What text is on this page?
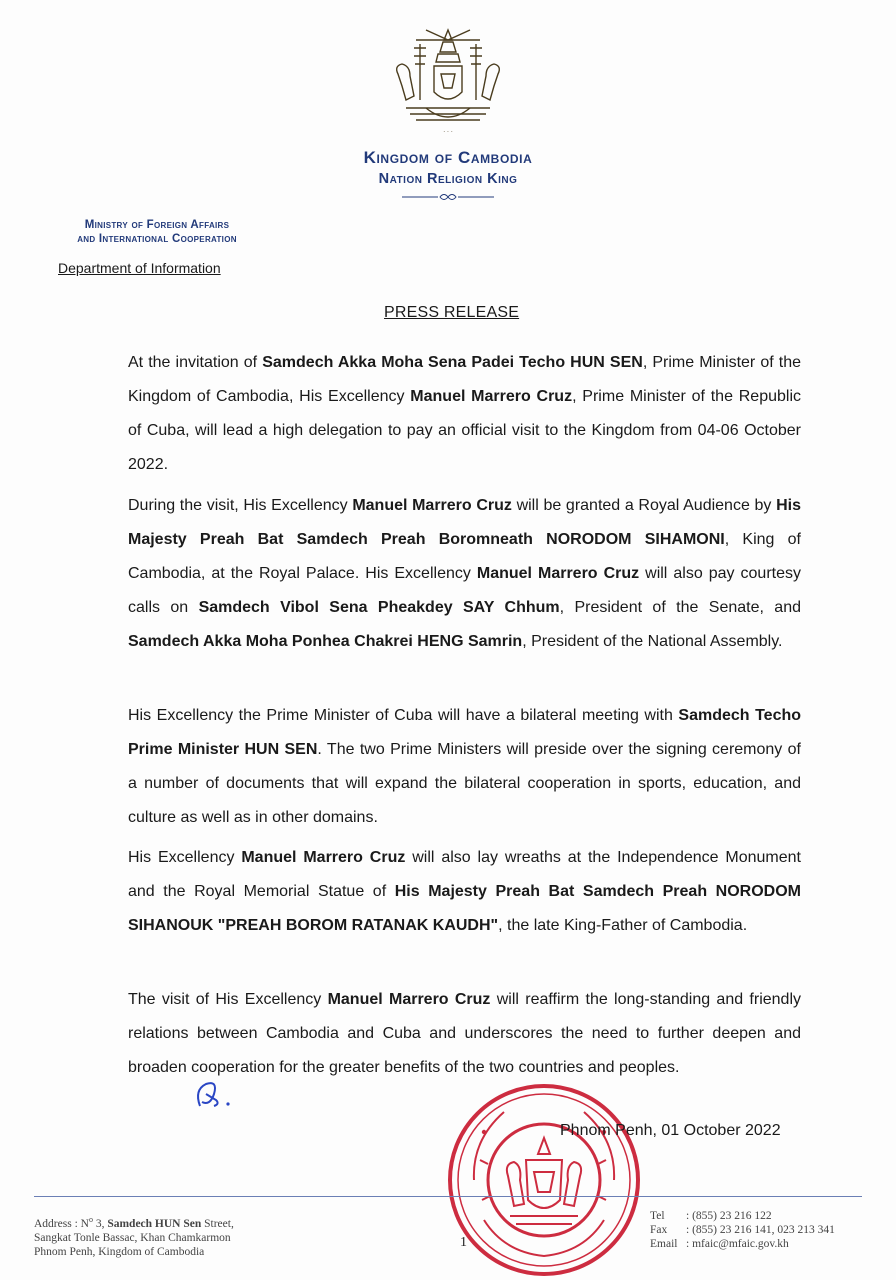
· · ·
Kingdom of Cambodia
Nation Religion King
Ministry of Foreign Affairs
and International Cooperation
Department of Information
PRESS RELEASE

At the invitation of Samdech Akka Moha Sena Padei Techo HUN SEN, Prime Minister of the Kingdom of Cambodia, His Excellency Manuel Marrero Cruz, Prime Minister of the Republic of Cuba, will lead a high delegation to pay an official visit to the Kingdom from 04-06 October 2022.

During the visit, His Excellency Manuel Marrero Cruz will be granted a Royal Audience by His Majesty Preah Bat Samdech Preah Boromneath NORODOM SIHAMONI, King of Cambodia, at the Royal Palace. His Excellency Manuel Marrero Cruz will also pay courtesy calls on Samdech Vibol Sena Pheakdey SAY Chhum, President of the Senate, and Samdech Akka Moha Ponhea Chakrei HENG Samrin, President of the National Assembly.

His Excellency the Prime Minister of Cuba will have a bilateral meeting with Samdech Techo Prime Minister HUN SEN. The two Prime Ministers will preside over the signing ceremony of a number of documents that will expand the bilateral cooperation in sports, education, and culture as well as in other domains.

His Excellency Manuel Marrero Cruz will also lay wreaths at the Independence Monument and the Royal Memorial Statue of His Majesty Preah Bat Samdech Preah NORODOM SIHANOUK "PREAH BOROM RATANAK KAUDH", the late King-Father of Cambodia.

The visit of His Excellency Manuel Marrero Cruz will reaffirm the long-standing and friendly relations between Cambodia and Cuba and underscores the need to further deepen and broaden cooperation for the greater benefits of the two countries and peoples.

Phnom Penh, 01 October 2022
Address : $N^o$ 3, Samdech HUN Sen Street,
Sangkat Tonle Bassac, Khan Chamkarmon
Phnom Penh, Kingdom of Cambodia
1
Tel : (855) 23 216 122
Fax : (855) 23 216 141, 023 213 341
Email : mfaic@mfaic.gov.kh
